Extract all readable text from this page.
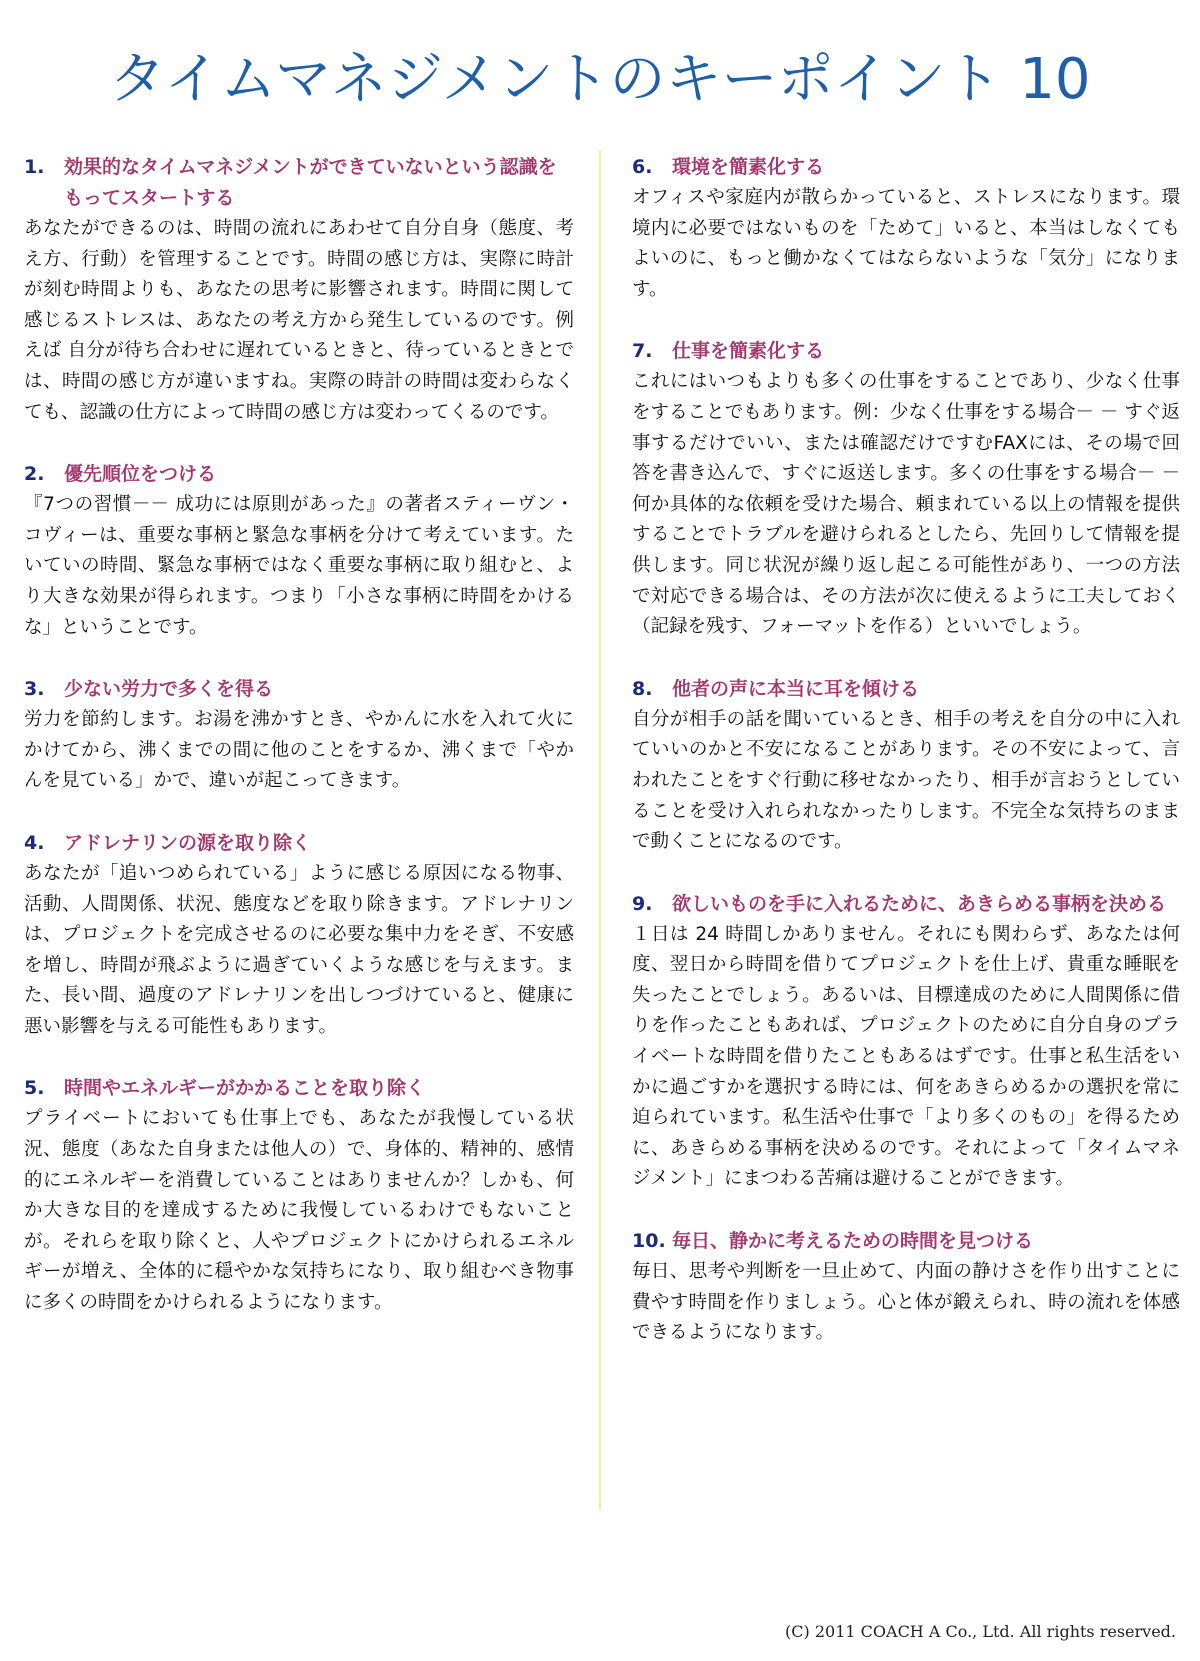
タイムマネジメントのキーポイント 10
1.	効果的なタイムマネジメントができていないという認識をもってスタートする
あなたができるのは、時間の流れにあわせて自分自身（態度、考え方、行動）を管理することです。時間の感じ方は、実際に時計が刻む時間よりも、あなたの思考に影響されます。時間に関して感じるストレスは、あなたの考え方から発生しているのです。例えば 自分が待ち合わせに遅れているときと、待っているときとでは、時間の感じ方が違いますね。実際の時計の時間は変わらなくても、認識の仕方によって時間の感じ方は変わってくるのです。
2.	優先順位をつける
『7つの習慣－－ 成功には原則があった』の著者スティーヴン・コヴィーは、重要な事柄と緊急な事柄を分けて考えています。たいていの時間、緊急な事柄ではなく重要な事柄に取り組むと、より大きな効果が得られます。つまり「小さな事柄に時間をかけるな」ということです。
3.	少ない労力で多くを得る
労力を節約します。お湯を沸かすとき、やかんに水を入れて火にかけてから、沸くまでの間に他のことをするか、沸くまで「やかんを見ている」かで、違いが起こってきます。
4.	アドレナリンの源を取り除く
あなたが「追いつめられている」ように感じる原因になる物事、活動、人間関係、状況、態度などを取り除きます。アドレナリンは、プロジェクトを完成させるのに必要な集中力をそぎ、不安感を増し、時間が飛ぶように過ぎていくような感じを与えます。また、長い間、過度のアドレナリンを出しつづけていると、健康に悪い影響を与える可能性もあります。
5.	時間やエネルギーがかかることを取り除く
プライベートにおいても仕事上でも、あなたが我慢している状況、態度（あなた自身または他人の）で、身体的、精神的、感情的にエネルギーを消費していることはありませんか？しかも、何か大きな目的を達成するために我慢しているわけでもないことが。それらを取り除くと、人やプロジェクトにかけられるエネルギーが増え、全体的に穏やかな気持ちになり、取り組むべき物事に多くの時間をかけられるようになります。
6.	環境を簡素化する
オフィスや家庭内が散らかっていると、ストレスになります。環境内に必要ではないものを「ためて」いると、本当はしなくてもよいのに、もっと働かなくてはならないような「気分」になります。
7.	仕事を簡素化する
これにはいつもよりも多くの仕事をすることであり、少なく仕事をすることでもあります。例：少なく仕事をする場合－ － すぐ返事するだけでいい、または確認だけですむFAXには、その場で回答を書き込んで、すぐに返送します。多くの仕事をする場合－ － 何か具体的な依頼を受けた場合、頼まれている以上の情報を提供することでトラブルを避けられるとしたら、先回りして情報を提供します。同じ状況が繰り返し起こる可能性があり、一つの方法で対応できる場合は、その方法が次に使えるように工夫しておく（記録を残す、フォーマットを作る）といいでしょう。
8.	他者の声に本当に耳を傾ける
自分が相手の話を聞いているとき、相手の考えを自分の中に入れていいのかと不安になることがあります。その不安によって、言われたことをすぐ行動に移せなかったり、相手が言おうとしていることを受け入れられなかったりします。不完全な気持ちのままで動くことになるのです。
9.	欲しいものを手に入れるために、あきらめる事柄を決める
１日は 24 時間しかありません。それにも関わらず、あなたは何度、翌日から時間を借りてプロジェクトを仕上げ、貴重な睡眠を失ったことでしょう。あるいは、目標達成のために人間関係に借りを作ったこともあれば、プロジェクトのために自分自身のプライベートな時間を借りたこともあるはずです。仕事と私生活をいかに過ごすかを選択する時には、何をあきらめるかの選択を常に迫られています。私生活や仕事で「より多くのもの」を得るために、あきらめる事柄を決めるのです。それによって「タイムマネジメント」にまつわる苦痛は避けることができます。
10. 毎日、静かに考えるための時間を見つける
毎日、思考や判断を一旦止めて、内面の静けさを作り出すことに費やす時間を作りましょう。心と体が鍛えられ、時の流れを体感できるようになります。
(C) 2011 COACH A Co., Ltd. All rights reserved.
